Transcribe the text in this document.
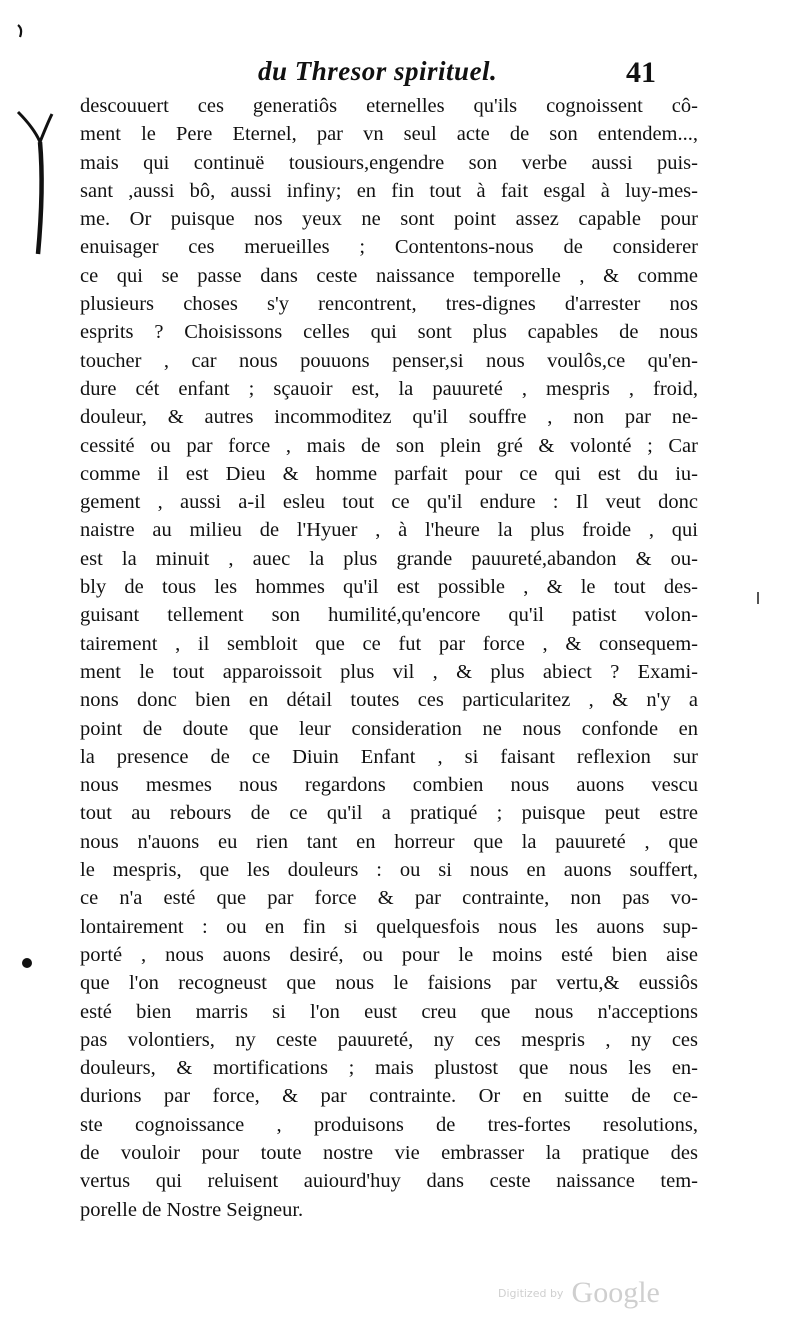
du Thresor spirituel.	41
descouuert ces generatiôs eternelles qu'ils cognoissent cô-
ment le Pere Eternel, par vn seul acte de son entendem...,
mais qui continuë tousiours,engendre son verbe aussi puis-
sant ,aussi bô, aussi infiny; en fin tout à fait esgal à luy-mes-
me. Or puisque nos yeux ne sont point assez capable pour
enuisager ces merueilles ; Contentons-nous de considerer
ce qui se passe dans ceste naissance temporelle , & comme
plusieurs choses s'y rencontrent, tres-dignes d'arrester nos
esprits ? Choisissons celles qui sont plus capables de nous
toucher , car nous pouuons penser,si nous voulôs,ce qu'en-
dure cét enfant ; sçauoir est, la pauureté , mespris , froid,
douleur, & autres incommoditez qu'il souffre , non par ne-
cessité ou par force , mais de son plein gré & volonté ; Car
comme il est Dieu & homme parfait pour ce qui est du iu-
gement , aussi a-il esleu tout ce qu'il endure : Il veut donc
naistre au milieu de l'Hyuer , à l'heure la plus froide , qui
est la minuit , auec la plus grande pauureté,abandon & ou-
bly de tous les hommes qu'il est possible , & le tout des-
guisant tellement son humilité,qu'encore qu'il patist volon-
tairement , il sembloit que ce fut par force , & consequem-
ment le tout apparoissoit plus vil , & plus abiect ? Exami-
nons donc bien en détail toutes ces particularitez , & n'y a
point de doute que leur consideration ne nous confonde en
la presence de ce Diuin Enfant , si faisant reflexion sur
nous mesmes nous regardons combien nous auons vescu
tout au rebours de ce qu'il a pratiqué ; puisque peut estre
nous n'auons eu rien tant en horreur que la pauureté , que
le mespris, que les douleurs : ou si nous en auons souffert,
ce n'a esté que par force & par contrainte, non pas vo-
lontairement : ou en fin si quelquesfois nous les auons sup-
porté , nous auons desiré, ou pour le moins esté bien aise
que l'on recogneust que nous le faisions par vertu,& eussiôs
esté bien marris si l'on eust creu que nous n'acceptions
pas volontiers, ny ceste pauureté, ny ces mespris , ny ces
douleurs, & mortifications ; mais plustost que nous les en-
durions par force, & par contrainte. Or en suitte de ce-
ste cognoissance , produisons de tres-fortes resolutions,
de vouloir pour toute nostre vie embrasser la pratique des
vertus qui reluisent auiourd'huy dans ceste naissance tem-
porelle de Nostre Seigneur.
Digitized by Google
